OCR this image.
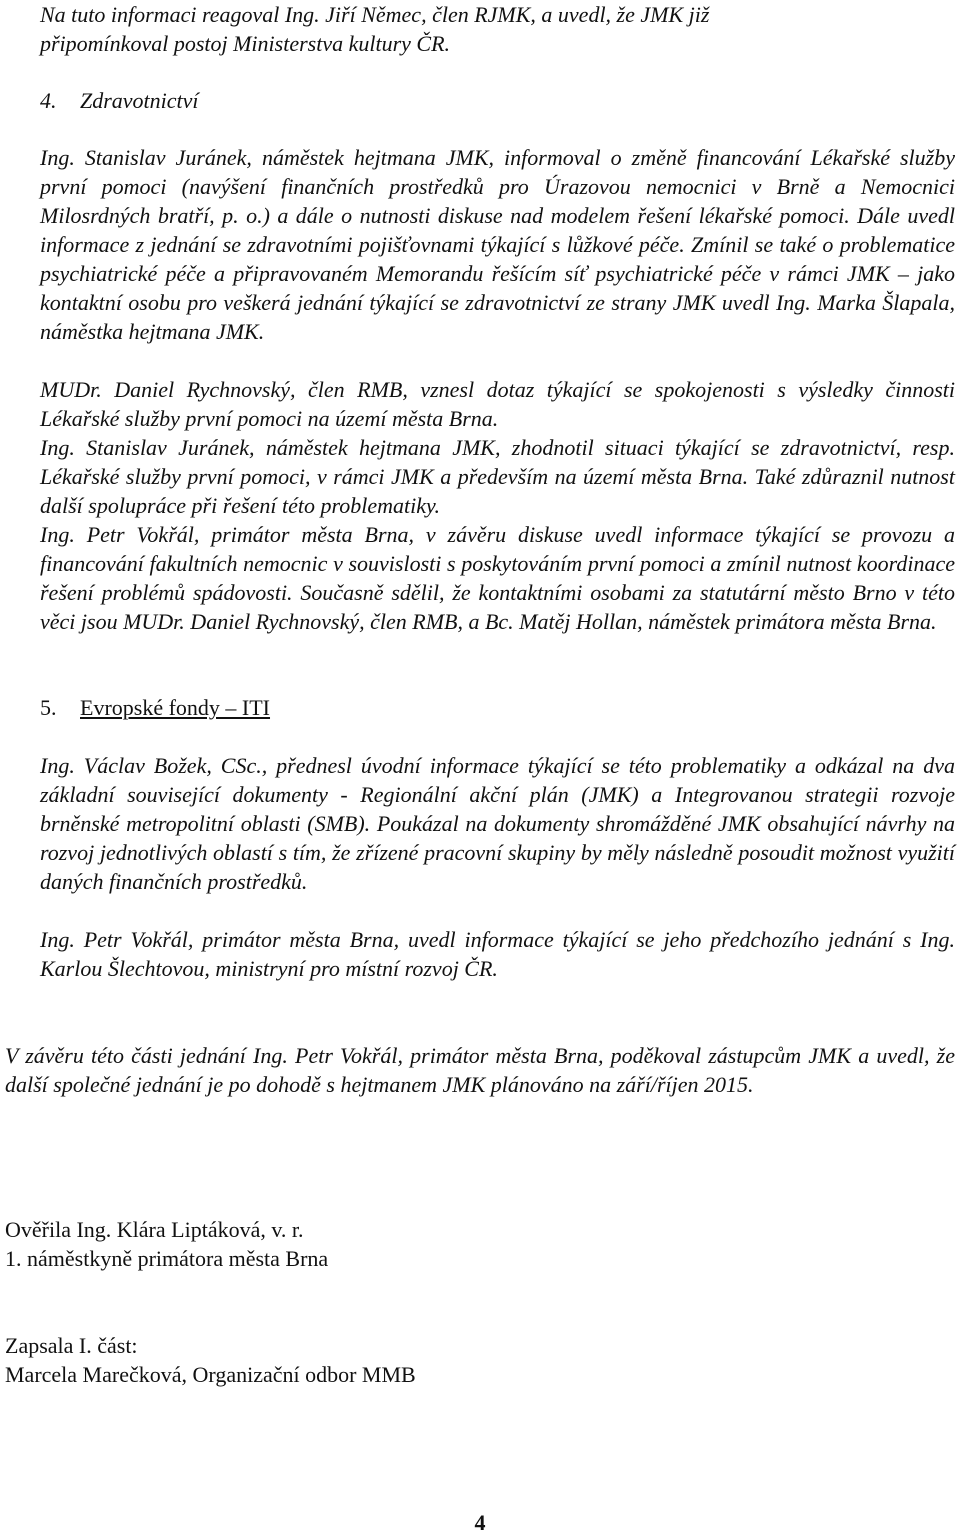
Na tuto informaci reagoval Ing. Jiří Němec, člen RJMK, a uvedl, že JMK již
připomínkoval postoj Ministerstva kultury ČR.
4. Zdravotnictví
Ing. Stanislav Juránek, náměstek hejtmana JMK, informoval o změně financování Lékařské služby první pomoci (navýšení finančních prostředků pro Úrazovou nemocnici v Brně a Nemocnici Milosrdných bratří, p. o.) a dále o nutnosti diskuse nad modelem řešení lékařské pomoci. Dále uvedl informace z jednání se zdravotními pojišťovnami týkající s lůžkové péče. Zmínil se také o problematice psychiatrické péče a připravovaném Memorandu řešícím síť psychiatrické péče v rámci JMK – jako kontaktní osobu pro veškerá jednání týkající se zdravotnictví ze strany JMK uvedl Ing. Marka Šlapala, náměstka hejtmana JMK.
MUDr. Daniel Rychnovský, člen RMB, vznesl dotaz týkající se spokojenosti s výsledky činnosti Lékařské služby první pomoci na území města Brna.
Ing. Stanislav Juránek, náměstek hejtmana JMK, zhodnotil situaci týkající se zdravotnictví, resp. Lékařské služby první pomoci, v rámci JMK a především na území města Brna. Také zdůraznil nutnost další spolupráce při řešení této problematiky.
Ing. Petr Vokřál, primátor města Brna, v závěru diskuse uvedl informace týkající se provozu a financování fakultních nemocnic v souvislosti s poskytováním první pomoci a zmínil nutnost koordinace řešení problémů spádovosti. Současně sdělil, že kontaktními osobami za statutární město Brno v této věci jsou MUDr. Daniel Rychnovský, člen RMB, a Bc. Matěj Hollan, náměstek primátora města Brna.
5. Evropské fondy – ITI
Ing. Václav Božek, CSc., přednesl úvodní informace týkající se této problematiky a odkázal na dva základní související dokumenty - Regionální akční plán (JMK) a Integrovanou strategii rozvoje brněnské metropolitní oblasti (SMB). Poukázal na dokumenty shromážděné JMK obsahující návrhy na rozvoj jednotlivých oblastí s tím, že zřízené pracovní skupiny by měly následně posoudit možnost využití daných finančních prostředků.
Ing. Petr Vokřál, primátor města Brna, uvedl informace týkající se jeho předchozího jednání s Ing. Karlou Šlechtovou, ministryní pro místní rozvoj ČR.
V závěru této části jednání Ing. Petr Vokřál, primátor města Brna, poděkoval zástupcům JMK a uvedl, že další společné jednání je po dohodě s hejtmanem JMK plánováno na září/říjen 2015.
Ověřila Ing. Klára Liptáková, v. r.
1. náměstkyně primátora města Brna
Zapsala I. část:
Marcela Marečková, Organizační odbor MMB
4
